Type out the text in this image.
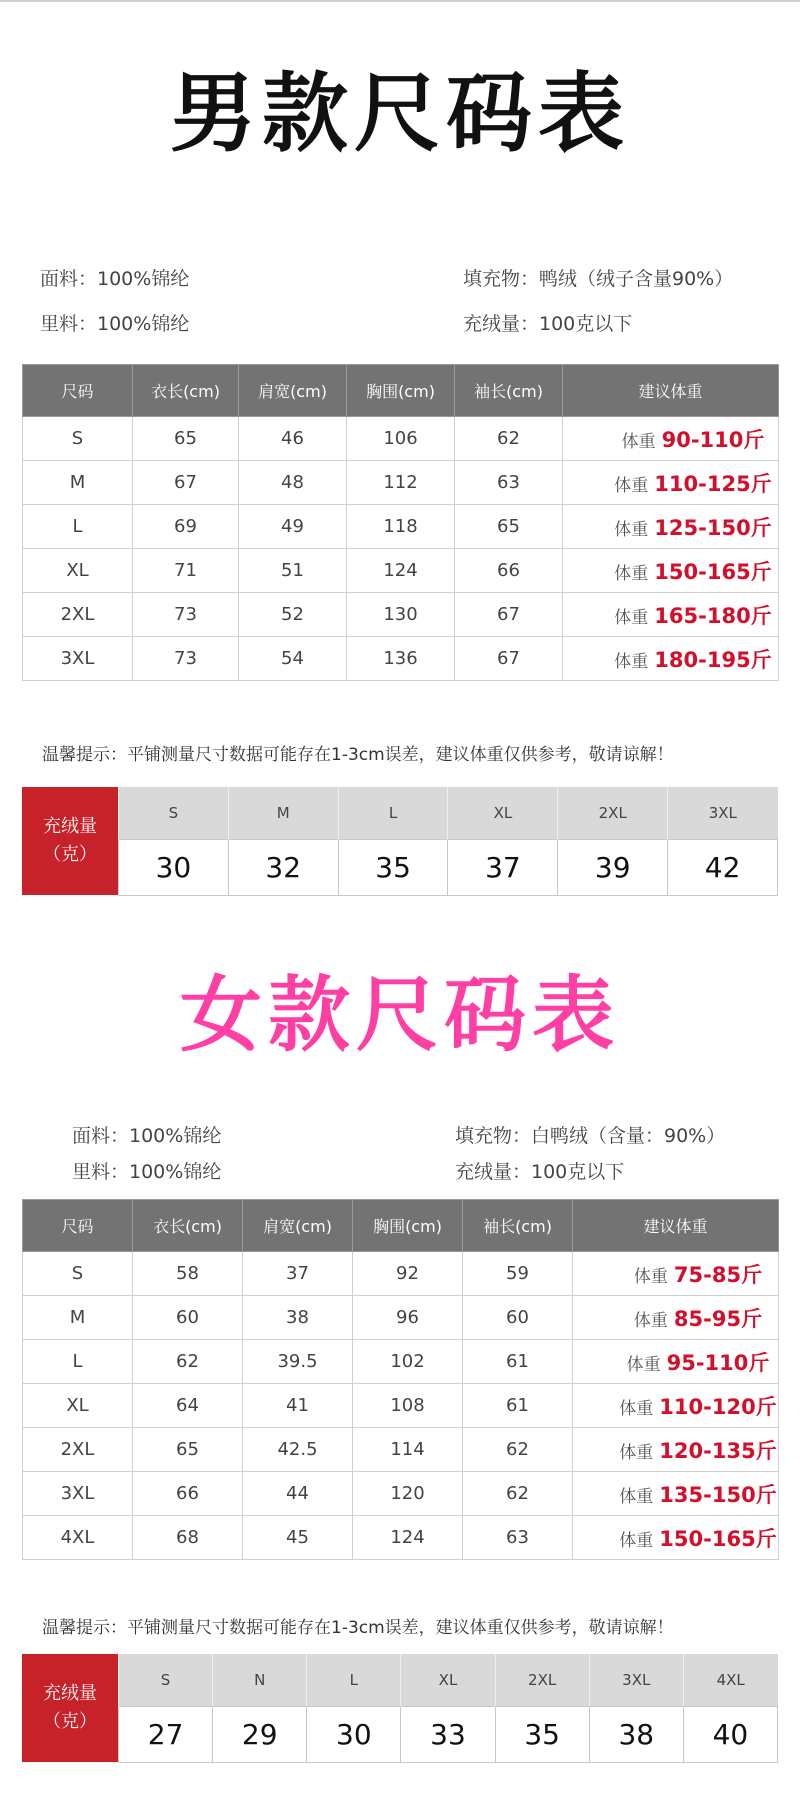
男款尺码表
面料：100%锦纶
里料：100%锦纶
填充物：鸭绒（绒子含量90%）
充绒量：100克以下
尺码	衣长(cm)	肩宽(cm)	胸围(cm)	袖长(cm)	建议体重
S	65	46	106	62	体重 90-110斤
M	67	48	112	63	体重 110-125斤
L	69	49	118	65	体重 125-150斤
XL	71	51	124	66	体重 150-165斤
2XL	73	52	130	67	体重 165-180斤
3XL	73	54	136	67	体重 180-195斤
温馨提示：平铺测量尺寸数据可能存在1-3cm误差，建议体重仅供参考，敬请谅解！
充绒量
（克）
S	M	L	XL	2XL	3XL
30	32	35	37	39	42
女款尺码表
面料：100%锦纶
里料：100%锦纶
填充物：白鸭绒（含量：90%）
充绒量：100克以下
尺码	衣长(cm)	肩宽(cm)	胸围(cm)	袖长(cm)	建议体重
S	58	37	92	59	体重 75-85斤
M	60	38	96	60	体重 85-95斤
L	62	39.5	102	61	体重 95-110斤
XL	64	41	108	61	体重 110-120斤
2XL	65	42.5	114	62	体重 120-135斤
3XL	66	44	120	62	体重 135-150斤
4XL	68	45	124	63	体重 150-165斤
温馨提示：平铺测量尺寸数据可能存在1-3cm误差，建议体重仅供参考，敬请谅解！
充绒量
（克）
S	N	L	XL	2XL	3XL	4XL
27	29	30	33	35	38	40
